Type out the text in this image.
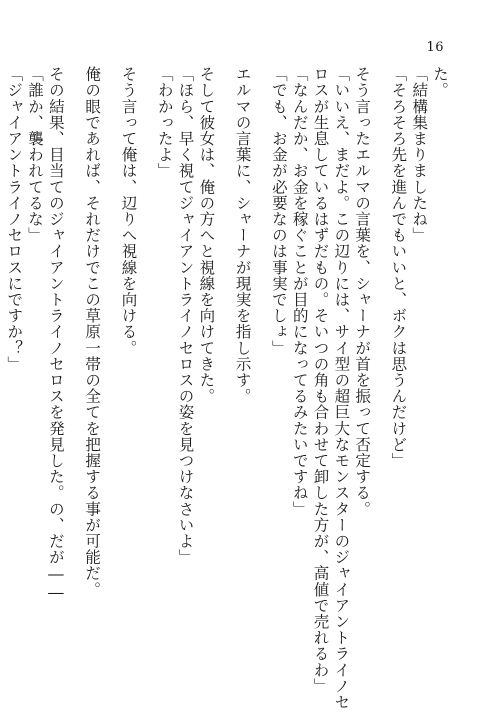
16
た。
「結構集まりましたね」
「そろそろ先を進んでもいいと、ボクは思うんだけど」
そう言ったエルマの言葉を、シャーナが首を振って否定する。
「いいえ、まだよ。この辺りには、サイ型の超巨大なモンスターのジャイアントライノセ
ロスが生息しているはずだもの。そいつの角も合わせて卸した方が、高値で売れるわ」
「なんだか、お金を稼ぐことが目的になってるみたいですね」
「でも、お金が必要なのは事実でしょ」
エルマの言葉に、シャーナが現実を指し示す。
そして彼女は、俺の方へと視線を向けてきた。
「ほら、早く視てジャイアントライノセロスの姿を見つけなさいよ」
「わかったよ」
そう言って俺は、辺りへ視線を向ける。
俺の眼であれば、それだけでこの草原一帯の全てを把握する事が可能だ。
その結果、目当てのジャイアントライノセロスを発見した。の、だが――
「誰か、襲われてるな」
「ジャイアントライノセロスにですか？」
